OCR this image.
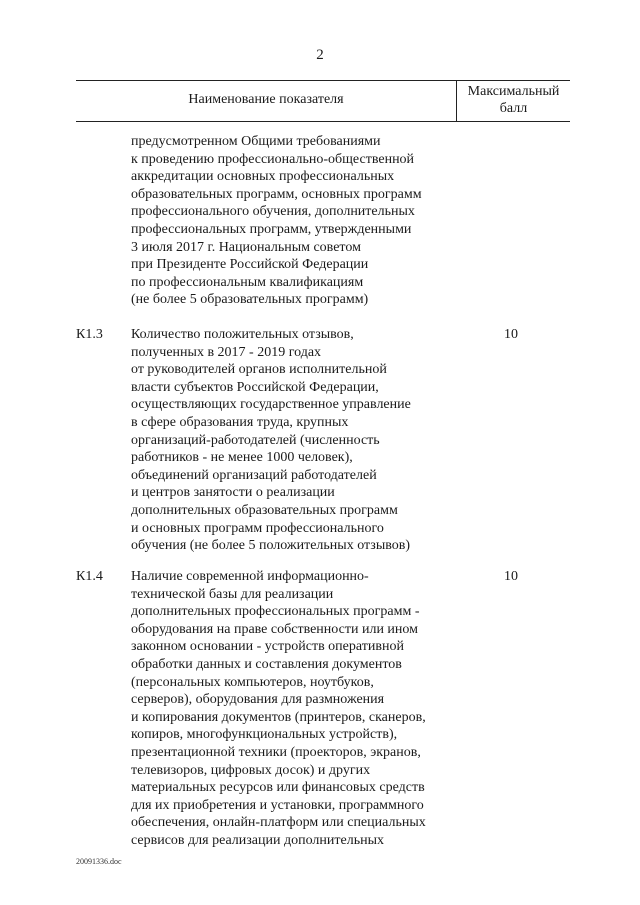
2
Наименование показателя
Максимальный
балл
предусмотренном Общими требованиями
к проведению профессионально-общественной
аккредитации основных профессиональных
образовательных программ, основных программ
профессионального обучения, дополнительных
профессиональных программ, утвержденными
3 июля 2017 г. Национальным советом
при Президенте Российской Федерации
по профессиональным квалификациям
(не более 5 образовательных программ)
К1.3 Количество положительных отзывов,
полученных в 2017 - 2019 годах
от руководителей органов исполнительной
власти субъектов Российской Федерации,
осуществляющих государственное управление
в сфере образования труда, крупных
организаций-работодателей (численность
работников - не менее 1000 человек),
объединений организаций работодателей
и центров занятости о реализации
дополнительных образовательных программ
и основных программ профессионального
обучения (не более 5 положительных отзывов)
10
К1.4 Наличие современной информационно-
технической базы для реализации
дополнительных профессиональных программ -
оборудования на праве собственности или ином
законном основании - устройств оперативной
обработки данных и составления документов
(персональных компьютеров, ноутбуков,
серверов), оборудования для размножения
и копирования документов (принтеров, сканеров,
копиров, многофункциональных устройств),
презентационной техники (проекторов, экранов,
телевизоров, цифровых досок) и других
материальных ресурсов или финансовых средств
для их приобретения и установки, программного
обеспечения, онлайн-платформ или специальных
сервисов для реализации дополнительных
10
20091336.doc
